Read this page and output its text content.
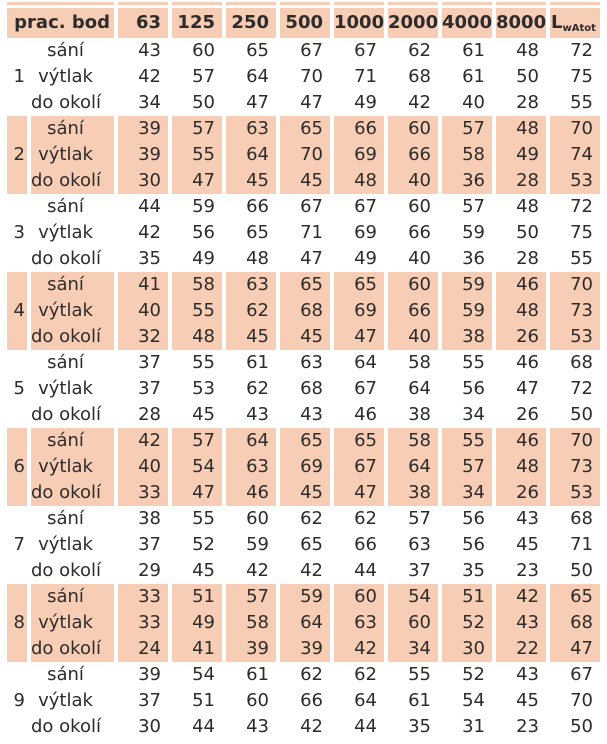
prac. bod		63	125	250	500	1000	2000	4000	8000	LwAtot
	sání	43	60	65	67	67	62	61	48	72
1	výtlak	42	57	64	70	71	68	61	50	75
	do okolí	34	50	47	47	49	42	40	28	55
	sání	39	57	63	65	66	60	57	48	70
2	výtlak	39	55	64	70	69	66	58	49	74
	do okolí	30	47	45	45	48	40	36	28	53
	sání	44	59	66	67	67	60	57	48	72
3	výtlak	42	56	65	71	69	66	59	50	75
	do okolí	35	49	48	47	49	40	36	28	55
	sání	41	58	63	65	65	60	59	46	70
4	výtlak	40	55	62	68	69	66	59	48	73
	do okolí	32	48	45	45	47	40	38	26	53
	sání	37	55	61	63	64	58	55	46	68
5	výtlak	37	53	62	68	67	64	56	47	72
	do okolí	28	45	43	43	46	38	34	26	50
	sání	42	57	64	65	65	58	55	46	70
6	výtlak	40	54	63	69	67	64	57	48	73
	do okolí	33	47	46	45	47	38	34	26	53
	sání	38	55	60	62	62	57	56	43	68
7	výtlak	37	52	59	65	66	63	56	45	71
	do okolí	29	45	42	42	44	37	35	23	50
	sání	33	51	57	59	60	54	51	42	65
8	výtlak	33	49	58	64	63	60	52	43	68
	do okolí	24	41	39	39	42	34	30	22	47
	sání	39	54	61	62	62	55	52	43	67
9	výtlak	37	51	60	66	64	61	54	45	70
	do okolí	30	44	43	42	44	35	31	23	50
